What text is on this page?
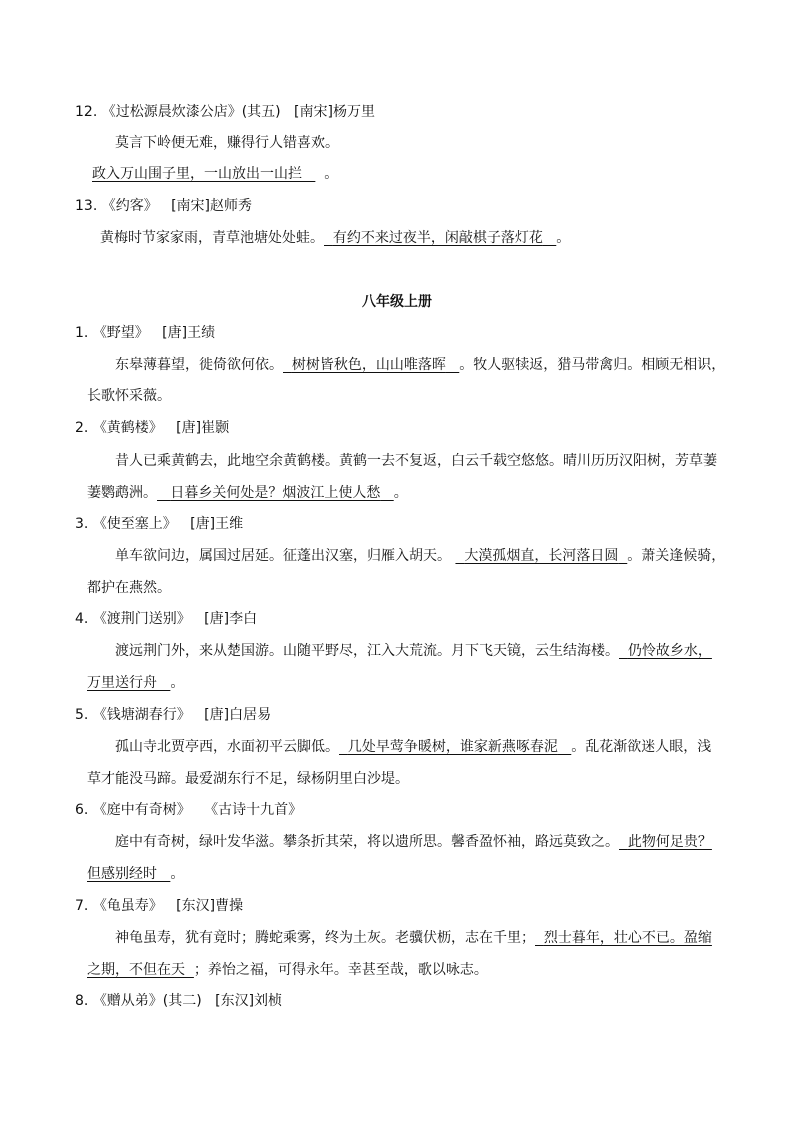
12. 《过松源晨炊漆公店》(其五) [南宋]杨万里
莫言下岭便无难，赚得行人错喜欢。
政入万山围子里，一山放出一山拦 。
13. 《约客》 [南宋]赵师秀
黄梅时节家家雨，青草池塘处处蛙。 有约不来过夜半，闲敲棋子落灯花 。
八年级上册
1. 《野望》 [唐]王绩
东皋薄暮望，徙倚欲何依。 树树皆秋色，山山唯落晖 。牧人驱犊返，猎马带禽归。相顾无相识，
长歌怀采薇。
2. 《黄鹤楼》 [唐]崔颢
昔人已乘黄鹤去，此地空余黄鹤楼。黄鹤一去不复返，白云千载空悠悠。晴川历历汉阳树，芳草萋
萋鹦鹉洲。 日暮乡关何处是？烟波江上使人愁 。
3. 《使至塞上》 [唐]王维
单车欲问边，属国过居延。征蓬出汉塞，归雁入胡天。 大漠孤烟直，长河落日圆 。萧关逢候骑，
都护在燕然。
4. 《渡荆门送别》 [唐]李白
渡远荆门外，来从楚国游。山随平野尽，江入大荒流。月下飞天镜，云生结海楼。 仍怜故乡水，
万里送行舟 。
5. 《钱塘湖春行》 [唐]白居易
孤山寺北贾亭西，水面初平云脚低。 几处早莺争暖树，谁家新燕啄春泥 。乱花渐欲迷人眼，浅
草才能没马蹄。最爱湖东行不足，绿杨阴里白沙堤。
6. 《庭中有奇树》 《古诗十九首》
庭中有奇树，绿叶发华滋。攀条折其荣，将以遗所思。馨香盈怀袖，路远莫致之。 此物何足贵？
但感别经时 。
7. 《龟虽寿》 [东汉]曹操
神龟虽寿，犹有竟时；腾蛇乘雾，终为土灰。老骥伏枥，志在千里； 烈士暮年，壮心不已。盈缩
之期，不但在天 ；养怡之福，可得永年。幸甚至哉，歌以咏志。
8. 《赠从弟》(其二) [东汉]刘桢
